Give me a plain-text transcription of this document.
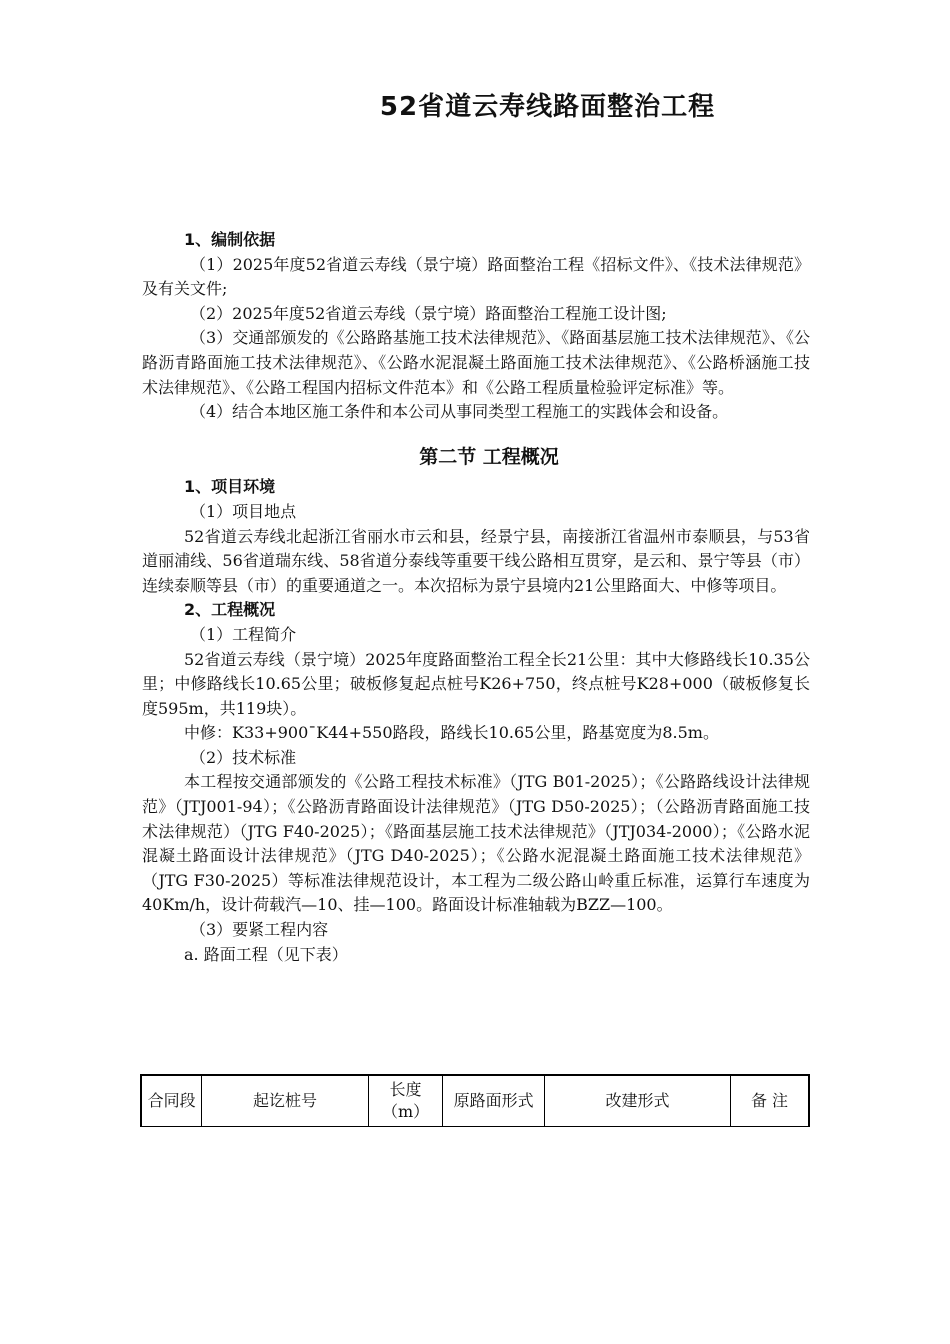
52省道云寿线路面整治工程

1、编制依据

（1）2025年度52省道云寿线（景宁境）路面整治工程《招标文件》、《技术法律规范》及有关文件;

（2）2025年度52省道云寿线（景宁境）路面整治工程施工设计图;

（3）交通部颁发的《公路路基施工技术法律规范》、《路面基层施工技术法律规范》、《公路沥青路面施工技术法律规范》、《公路水泥混凝土路面施工技术法律规范》、《公路桥涵施工技术法律规范》、《公路工程国内招标文件范本》和《公路工程质量检验评定标准》等。

（4）结合本地区施工条件和本公司从事同类型工程施工的实践体会和设备。

第二节 工程概况

1、项目环境

（1）项目地点

52省道云寿线北起浙江省丽水市云和县，经景宁县，南接浙江省温州市泰顺县，与53省道丽浦线、56省道瑞东线、58省道分泰线等重要干线公路相互贯穿，是云和、景宁等县（市）连续泰顺等县（市）的重要通道之一。本次招标为景宁县境内21公里路面大、中修等项目。

2、工程概况

（1）工程简介

52省道云寿线（景宁境）2025年度路面整治工程全长21公里：其中大修路线长10.35公里；中修路线长10.65公里；破板修复起点桩号K26+750，终点桩号K28+000（破板修复长度595m，共119块）。

中修：K33+900ˉK44+550路段，路线长10.65公里，路基宽度为8.5m。

（2）技术标准

本工程按交通部颁发的《公路工程技术标准》（JTG B01-2025）；《公路路线设计法律规范》（JTJ001-94）；《公路沥青路面设计法律规范》（JTG D50-2025）；（公路沥青路面施工技术法律规范）（JTG F40-2025）；《路面基层施工技术法律规范》（JTJ034-2000）；《公路水泥混凝土路面设计法律规范》（JTG D40-2025）；《公路水泥混凝土路面施工技术法律规范》（JTG F30-2025）等标准法律规范设计，本工程为二级公路山岭重丘标准，运算行车速度为40Km/h，设计荷载汽—10、挂—100。路面设计标准轴载为BZZ—100。

（3）要紧工程内容

a. 路面工程（见下表）

合同段	起讫桩号	长度（m）	原路面形式	改建形式	备 注
